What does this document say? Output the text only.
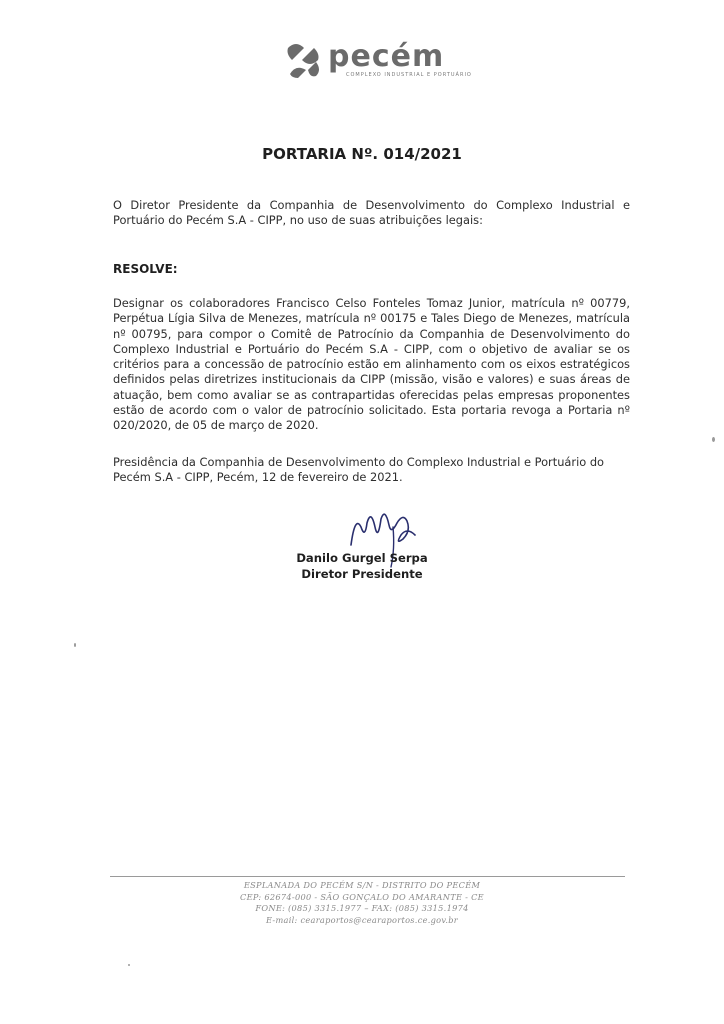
pecém
COMPLEXO INDUSTRIAL E PORTUÁRIO
PORTARIA Nº. 014/2021
O Diretor Presidente da Companhia de Desenvolvimento do Complexo Industrial e Portuário do Pecém S.A - CIPP, no uso de suas atribuições legais:
RESOLVE:
Designar os colaboradores Francisco Celso Fonteles Tomaz Junior, matrícula nº 00779, Perpétua Lígia Silva de Menezes, matrícula nº 00175 e Tales Diego de Menezes, matrícula nº 00795, para compor o Comitê de Patrocínio da Companhia de Desenvolvimento do Complexo Industrial e Portuário do Pecém S.A - CIPP, com o objetivo de avaliar se os critérios para a concessão de patrocínio estão em alinhamento com os eixos estratégicos definidos pelas diretrizes institucionais da CIPP (missão, visão e valores) e suas áreas de atuação, bem como avaliar se as contrapartidas oferecidas pelas empresas proponentes estão de acordo com o valor de patrocínio solicitado. Esta portaria revoga a Portaria nº 020/2020, de 05 de março de 2020.
Presidência da Companhia de Desenvolvimento do Complexo Industrial e Portuário do Pecém S.A - CIPP, Pecém, 12 de fevereiro de 2021.
Danilo Gurgel Serpa
Diretor Presidente
ESPLANADA DO PECÉM S/N - DISTRITO DO PECÉM
CEP: 62674-000 - SÃO GONÇALO DO AMARANTE - CE
FONE: (085) 3315.1977 – FAX: (085) 3315.1974
E-mail: cearaportos@cearaportos.ce.gov.br
